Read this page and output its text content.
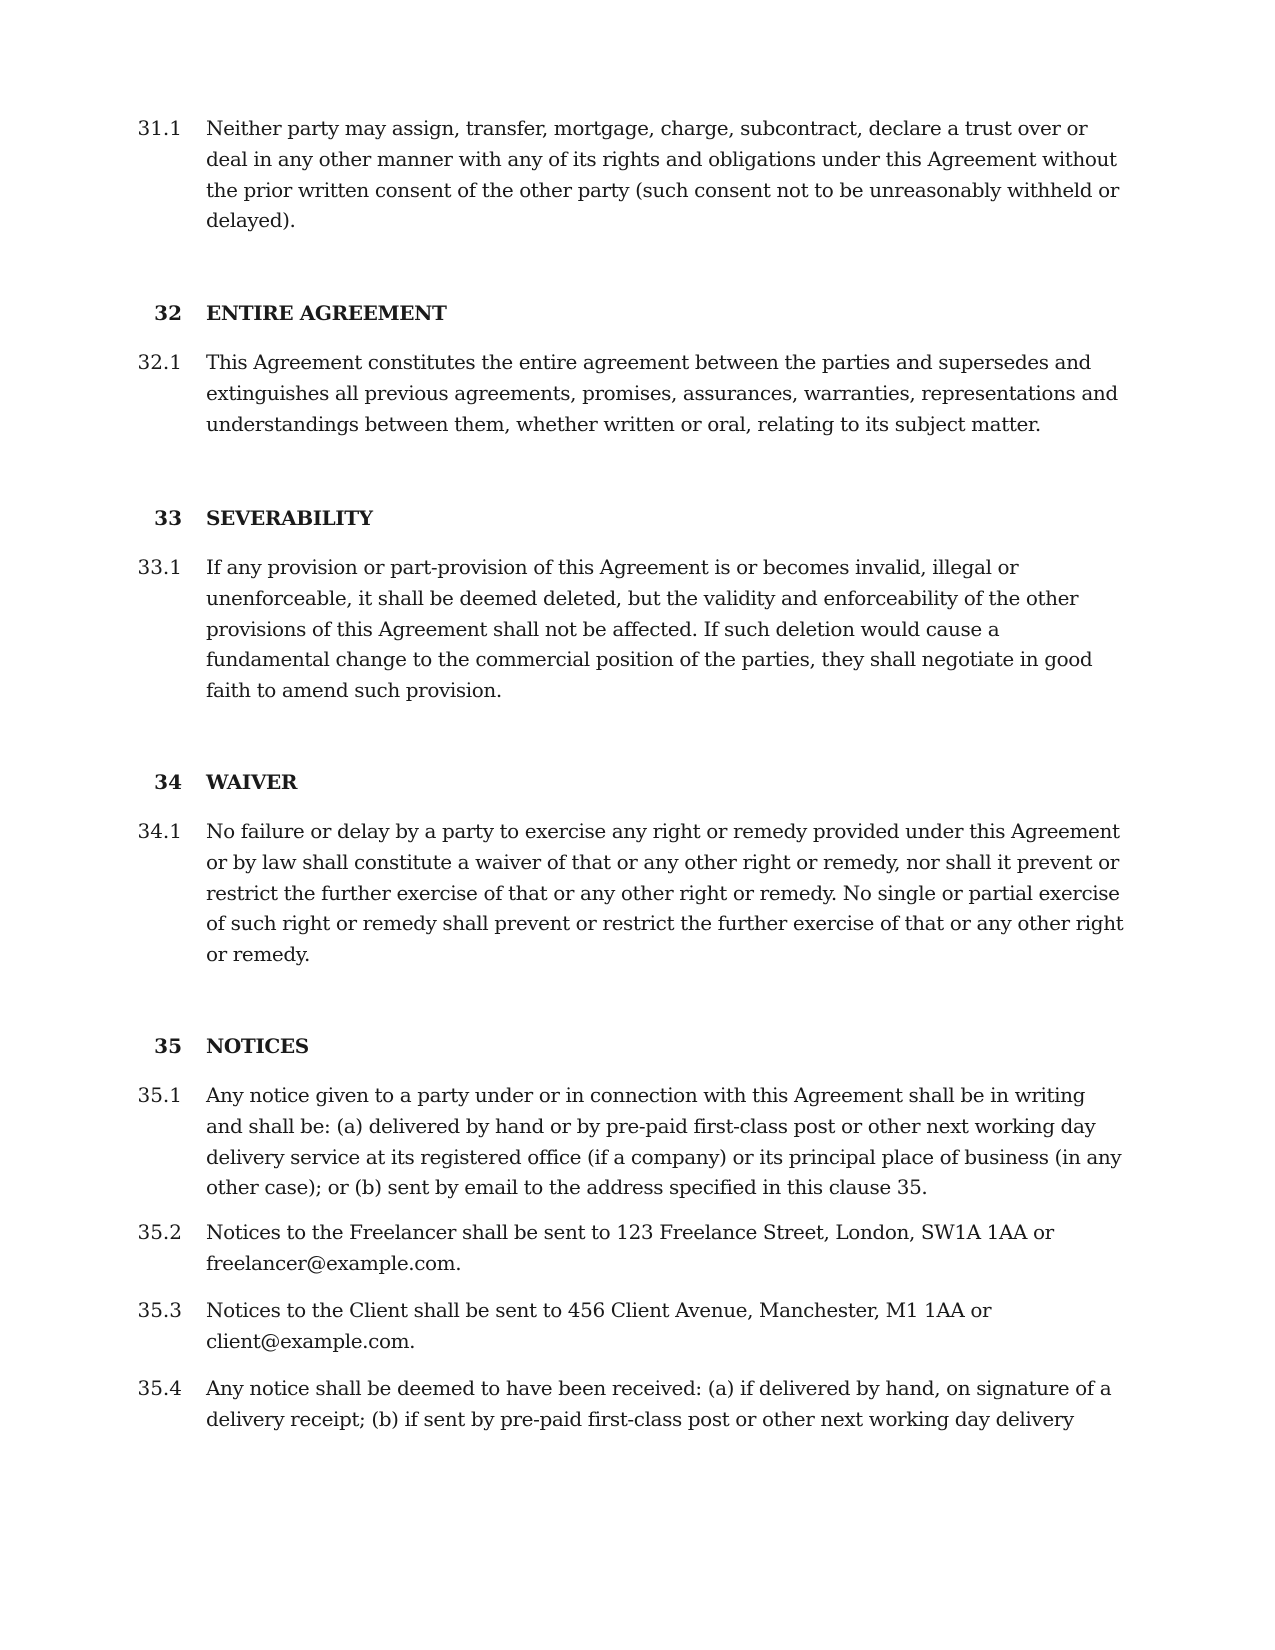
31.1 Neither party may assign, transfer, mortgage, charge, subcontract, declare a trust over or deal in any other manner with any of its rights and obligations under this Agreement without the prior written consent of the other party (such consent not to be unreasonably withheld or delayed).
32 ENTIRE AGREEMENT
32.1 This Agreement constitutes the entire agreement between the parties and supersedes and extinguishes all previous agreements, promises, assurances, warranties, representations and understandings between them, whether written or oral, relating to its subject matter.
33 SEVERABILITY
33.1 If any provision or part-provision of this Agreement is or becomes invalid, illegal or unenforceable, it shall be deemed deleted, but the validity and enforceability of the other provisions of this Agreement shall not be affected. If such deletion would cause a fundamental change to the commercial position of the parties, they shall negotiate in good faith to amend such provision.
34 WAIVER
34.1 No failure or delay by a party to exercise any right or remedy provided under this Agreement or by law shall constitute a waiver of that or any other right or remedy, nor shall it prevent or restrict the further exercise of that or any other right or remedy. No single or partial exercise of such right or remedy shall prevent or restrict the further exercise of that or any other right or remedy.
35 NOTICES
35.1 Any notice given to a party under or in connection with this Agreement shall be in writing and shall be: (a) delivered by hand or by pre-paid first-class post or other next working day delivery service at its registered office (if a company) or its principal place of business (in any other case); or (b) sent by email to the address specified in this clause 35.
35.2 Notices to the Freelancer shall be sent to 123 Freelance Street, London, SW1A 1AA or freelancer@example.com.
35.3 Notices to the Client shall be sent to 456 Client Avenue, Manchester, M1 1AA or client@example.com.
35.4 Any notice shall be deemed to have been received: (a) if delivered by hand, on signature of a delivery receipt; (b) if sent by pre-paid first-class post or other next working day delivery
